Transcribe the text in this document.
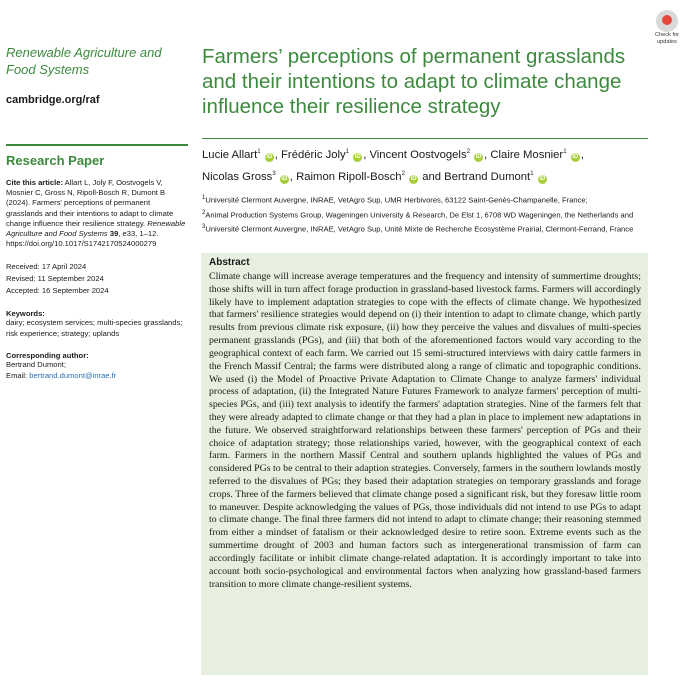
Renewable Agriculture and Food Systems
cambridge.org/raf
Research Paper
Cite this article: Allart L, Joly F, Oostvogels V, Mosnier C, Gross N, Ripoll-Bosch R, Dumont B (2024). Farmers' perceptions of permanent grasslands and their intentions to adapt to climate change influence their resilience strategy. Renewable Agriculture and Food Systems 39, e33, 1–12. https://doi.org/10.1017/S1742170524000279
Received: 17 April 2024
Revised: 11 September 2024
Accepted: 16 September 2024
Keywords:
dairy; ecosystem services; multi-species grasslands; risk experience; strategy; uplands
Corresponding author:
Bertrand Dumont;
Email: bertrand.dumont@inrae.fr
Check for updates
Farmers’ perceptions of permanent grasslands and their intentions to adapt to climate change influence their resilience strategy
Lucie Allart$^1$ iD , Frédéric Joly$^1$ iD , Vincent Oostvogels$^2$ iD , Claire Mosnier$^1$ iD ,
Nicolas Gross$^3$ iD , Raimon Ripoll-Bosch$^2$ iD and Bertrand Dumont$^1$ iD
$^1$Université Clermont Auvergne, INRAE, VetAgro Sup, UMR Herbivores, 63122 Saint-Genès-Champanelle, France;
$^2$Animal Production Systems Group, Wageningen University & Research, De Elst 1, 6708 WD Wageningen, the Netherlands and $^3$Université Clermont Auvergne, INRAE, VetAgro Sup, Unité Mixte de Recherche Ecosystème Prairial, Clermont-Ferrand, France
Abstract
Climate change will increase average temperatures and the frequency and intensity of summertime droughts; those shifts will in turn affect forage production in grassland-based livestock farms. Farmers will accordingly likely have to implement adaptation strategies to cope with the effects of climate change. We hypothesized that farmers' resilience strategies would depend on (i) their intention to adapt to climate change, which partly results from previous climate risk exposure, (ii) how they perceive the values and disvalues of multi-species permanent grasslands (PGs), and (iii) that both of the aforementioned factors would vary according to the geographical context of each farm. We carried out 15 semi-structured interviews with dairy cattle farmers in the French Massif Central; the farms were distributed along a range of climatic and topographic conditions. We used (i) the Model of Proactive Private Adaptation to Climate Change to analyze farmers' individual process of adaptation, (ii) the Integrated Nature Futures Framework to analyze farmers' perception of multi-species PGs, and (iii) text analysis to identify the farmers' adaptation strategies. Nine of the farmers felt that they were already adapted to climate change or that they had a plan in place to implement new adaptations in the future. We observed straightforward relationships between these farmers' perception of PGs and their choice of adaptation strategy; those relationships varied, however, with the geographical context of each farm. Farmers in the northern Massif Central and southern uplands highlighted the values of PGs and considered PGs to be central to their adaption strategies. Conversely, farmers in the southern lowlands mostly referred to the disvalues of PGs; they based their adaptation strategies on temporary grasslands and forage crops. Three of the farmers believed that climate change posed a significant risk, but they foresaw little room to maneuver. Despite acknowledging the values of PGs, those individuals did not intend to use PGs to adapt to climate change. The final three farmers did not intend to adapt to climate change; their reasoning stemmed from either a mindset of fatalism or their acknowledged desire to retire soon. Extreme events such as the summertime drought of 2003 and human factors such as intergenerational transmission of farm can accordingly facilitate or inhibit climate change-related adaptation. It is accordingly important to take into account both socio-psychological and environmental factors when analyzing how grassland-based farmers transition to more climate change-resilient systems.
